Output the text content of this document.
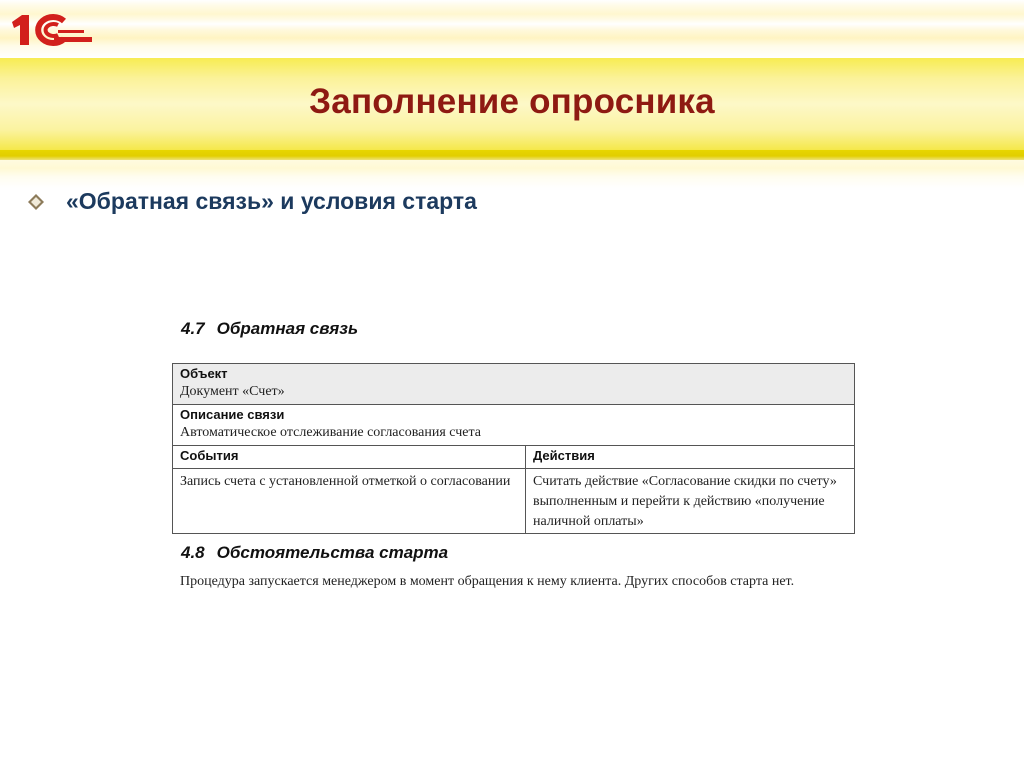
Заполнение опросника
«Обратная связь» и условия старта
4.7 Обратная связь
Объект
Документ «Счет»	

Описание связи
Автоматическое отслеживание согласования счета	

События	Действия

Запись счета с установленной отметкой о согласовании	Считать действие «Согласование скидки по счету» выполненным и перейти к действию «получение наличной оплаты»
4.8 Обстоятельства старта
Процедура запускается менеджером в момент обращения к нему клиента. Других способов старта нет.
